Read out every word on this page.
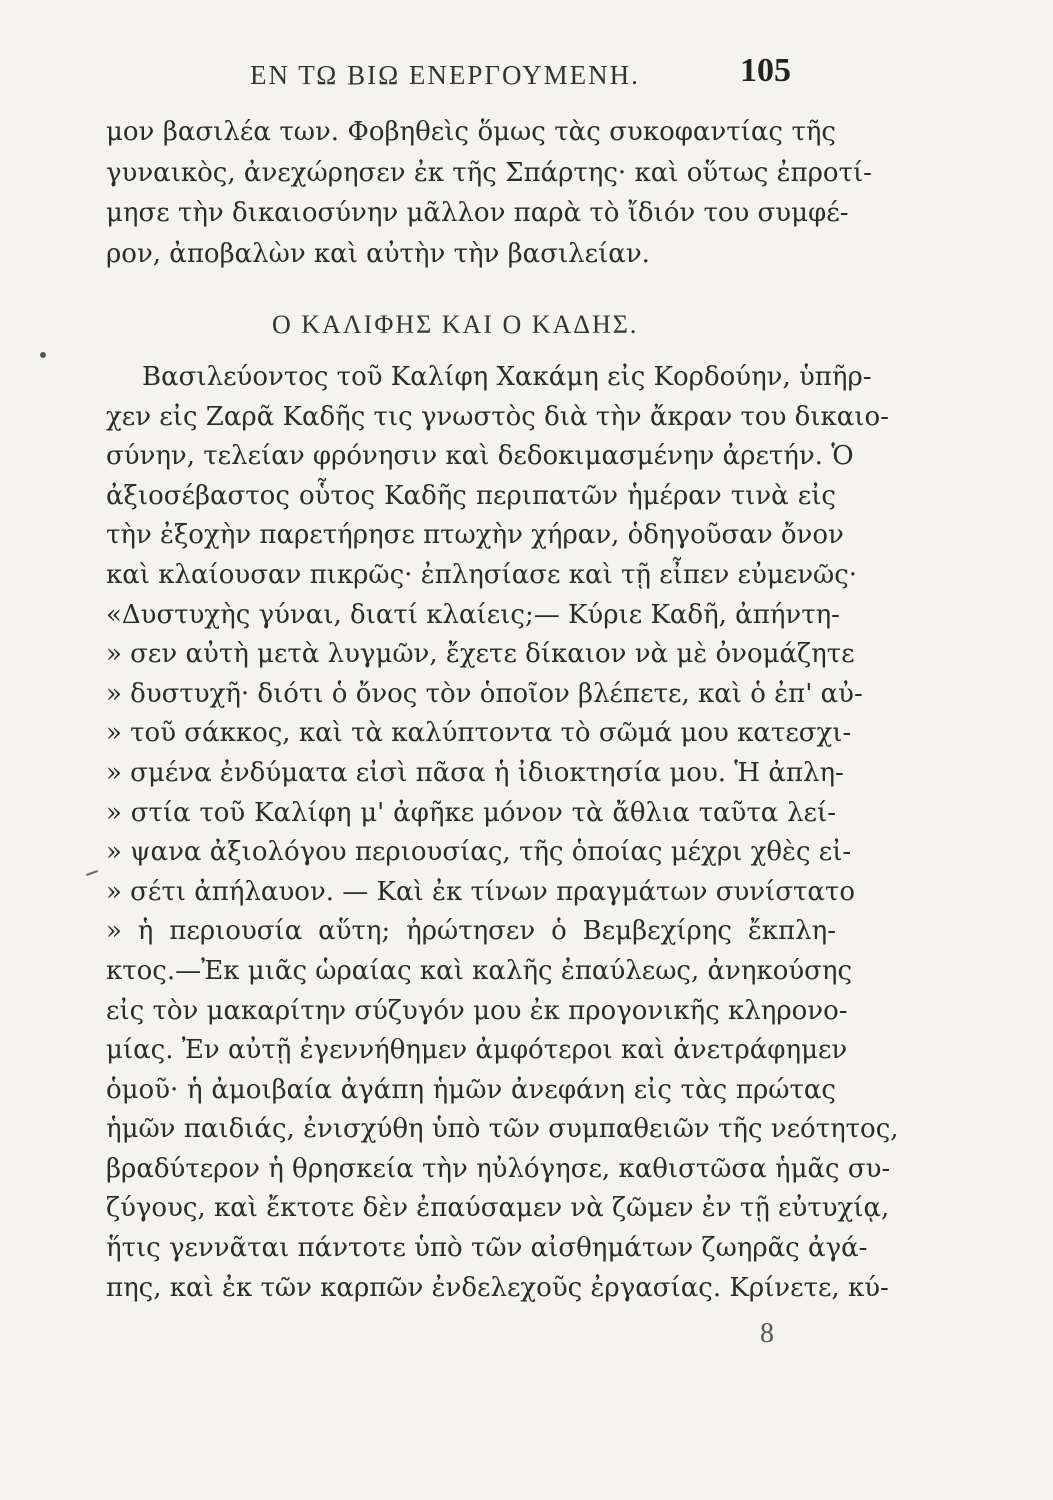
ΕΝ ΤΩ ΒΙΩ ΕΝΕΡΓΟΥΜΕΝΗ.	105
μον βασιλέα των. Φοβηθεὶς ὅμως τὰς συκοφαντίας τῆς
γυναικὸς, ἀνεχώρησεν ἐκ τῆς Σπάρτης· καὶ οὕτως ἐπροτί-
μησε τὴν δικαιοσύνην μᾶλλον παρὰ τὸ ἴδιόν του συμφέ-
ρον, ἀποβαλὼν καὶ αὐτὴν τὴν βασιλείαν.
Ο ΚΑΛΙΦΗΣ ΚΑΙ Ο ΚΑΔΗΣ.
Βασιλεύοντος τοῦ Καλίφη Χακάμη εἰς Κορδούην, ὑπῆρ-
χεν εἰς Ζαρᾶ Καδῆς τις γνωστὸς διὰ τὴν ἄκραν του δικαιο-
σύνην, τελείαν φρόνησιν καὶ δεδοκιμασμένην ἀρετήν. Ὁ
ἀξιοσέβαστος οὗτος Καδῆς περιπατῶν ἡμέραν τινὰ εἰς
τὴν ἐξοχὴν παρετήρησε πτωχὴν χήραν, ὁδηγοῦσαν ὄνον
καὶ κλαίουσαν πικρῶς· ἐπλησίασε καὶ τῇ εἶπεν εὐμενῶς·
«Δυστυχὴς γύναι, διατί κλαίεις;— Κύριε Καδῆ, ἀπήντη-
» σεν αὐτὴ μετὰ λυγμῶν, ἔχετε δίκαιον νὰ μὲ ὀνομάζητε
» δυστυχῆ· διότι ὁ ὄνος τὸν ὁποῖον βλέπετε, καὶ ὁ ἐπ' αὐ-
» τοῦ σάκκος, καὶ τὰ καλύπτοντα τὸ σῶμά μου κατεσχι-
» σμένα ἐνδύματα εἰσὶ πᾶσα ἡ ἰδιοκτησία μου. Ἡ ἀπλη-
» στία τοῦ Καλίφη μ' ἀφῆκε μόνον τὰ ἄθλια ταῦτα λεί-
» ψανα ἀξιολόγου περιουσίας, τῆς ὁποίας μέχρι χθὲς εἰ-
» σέτι ἀπήλαυον. — Καὶ ἐκ τίνων πραγμάτων συνίστατο
» ἡ περιουσία αὕτη; ἠρώτησεν ὁ Βεμβεχίρης ἔκπλη-
κτος.—Ἐκ μιᾶς ὡραίας καὶ καλῆς ἐπαύλεως, ἀνηκούσης
εἰς τὸν μακαρίτην σύζυγόν μου ἐκ προγονικῆς κληρονο-
μίας. Ἐν αὐτῇ ἐγεννήθημεν ἀμφότεροι καὶ ἀνετράφημεν
ὁμοῦ· ἡ ἀμοιβαία ἀγάπη ἡμῶν ἀνεφάνη εἰς τὰς πρώτας
ἡμῶν παιδιάς, ἐνισχύθη ὑπὸ τῶν συμπαθειῶν τῆς νεότητος,
βραδύτερον ἡ θρησκεία τὴν ηὐλόγησε, καθιστῶσα ἡμᾶς συ-
ζύγους, καὶ ἔκτοτε δὲν ἐπαύσαμεν νὰ ζῶμεν ἐν τῇ εὐτυχίᾳ,
ἥτις γεννᾶται πάντοτε ὑπὸ τῶν αἰσθημάτων ζωηρᾶς ἀγά-
πης, καὶ ἐκ τῶν καρπῶν ἐνδελεχοῦς ἐργασίας. Κρίνετε, κύ-
8
